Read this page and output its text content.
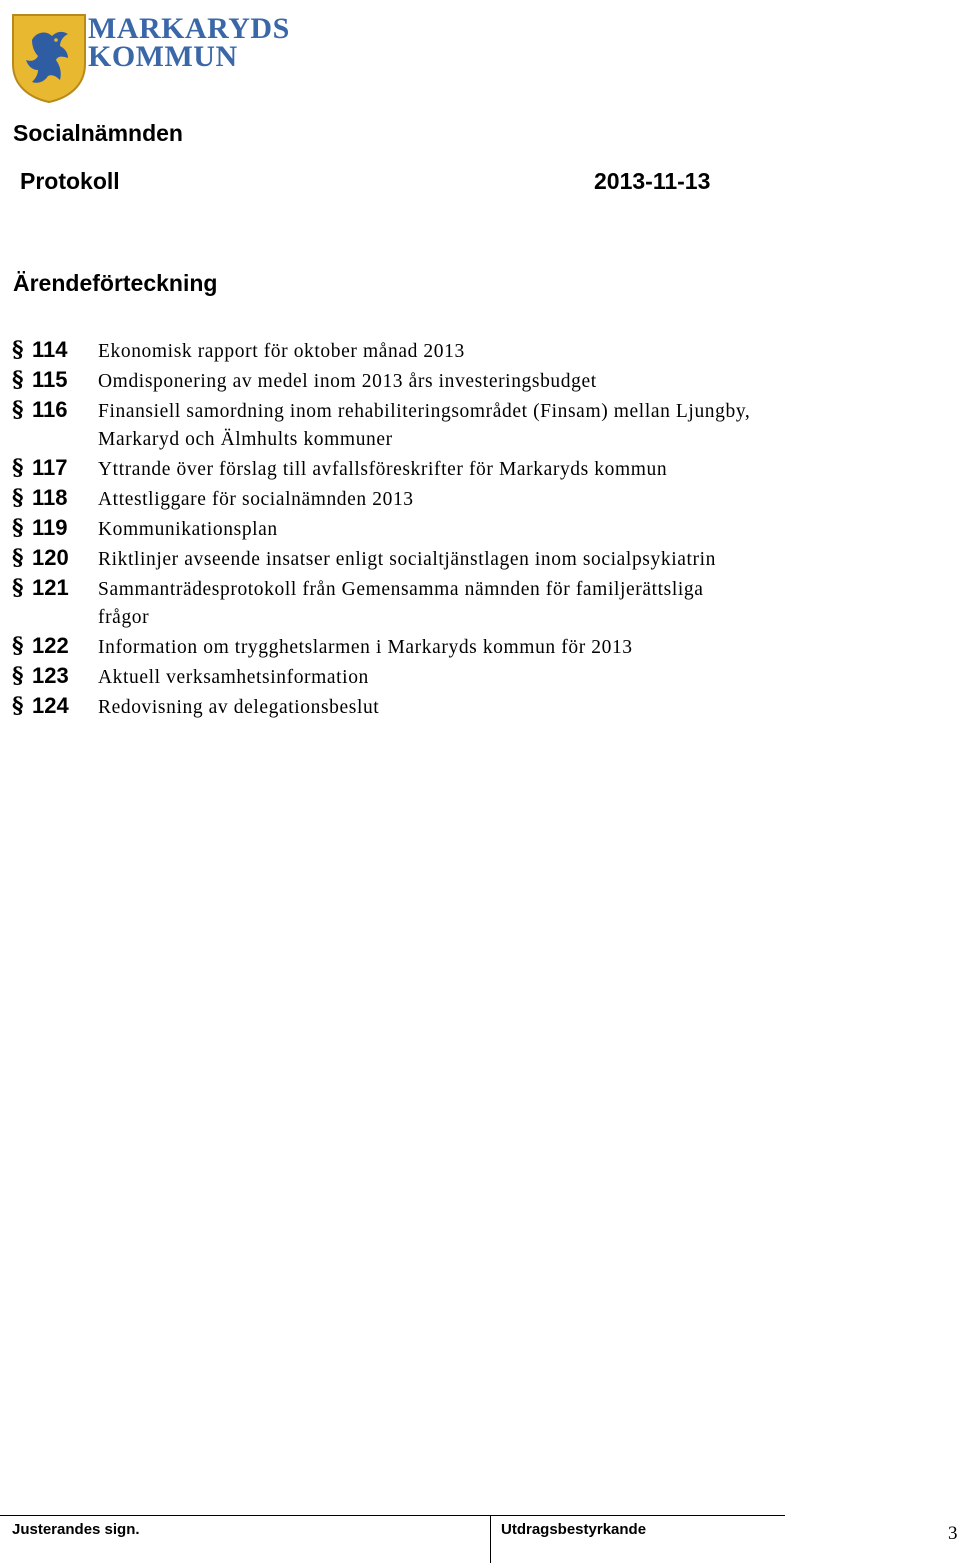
MARKARYDS
KOMMUN
Socialnämnden
Protokoll	2013-11-13
Ärendeförteckning
§ 114	Ekonomisk rapport för oktober månad 2013
§ 115	Omdisponering av medel inom 2013 års investeringsbudget
§ 116	Finansiell samordning inom rehabiliteringsområdet (Finsam) mellan Ljungby, Markaryd och Älmhults kommuner
§ 117	Yttrande över förslag till avfallsföreskrifter för Markaryds kommun
§ 118	Attestliggare för socialnämnden 2013
§ 119	Kommunikationsplan
§ 120	Riktlinjer avseende insatser enligt socialtjänstlagen inom socialpsykiatrin
§ 121	Sammanträdesprotokoll från Gemensamma nämnden för familjerättsliga frågor
§ 122	Information om trygghetslarmen i Markaryds kommun för 2013
§ 123	Aktuell verksamhetsinformation
§ 124	Redovisning av delegationsbeslut
Justerandes sign.	Utdragsbestyrkande	3
